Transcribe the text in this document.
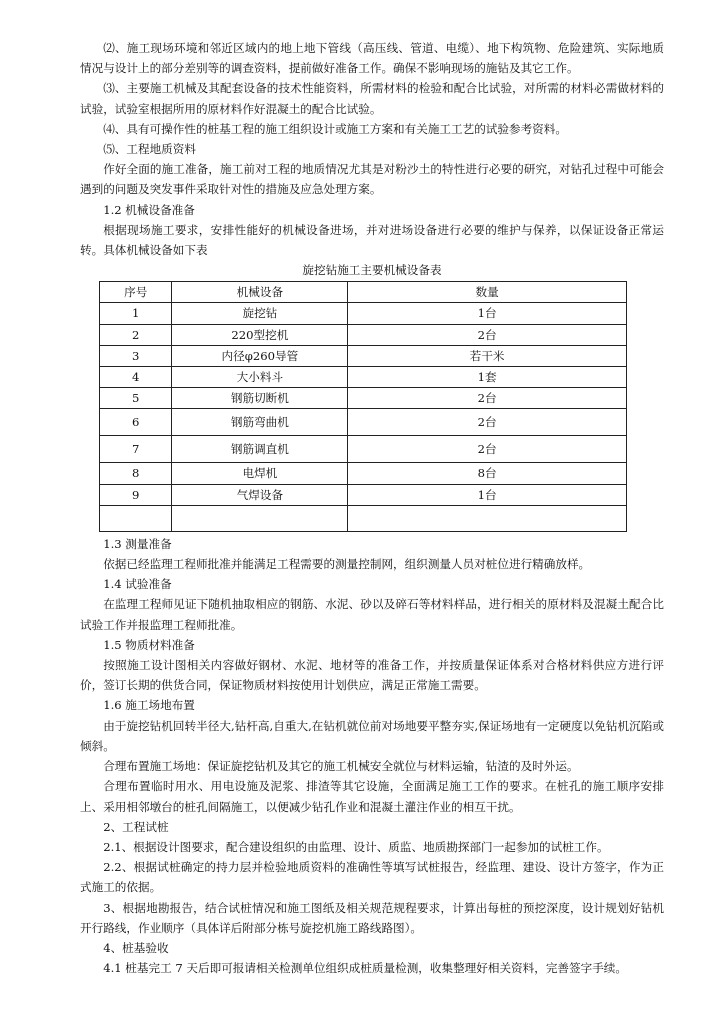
⑵、施工现场环境和邻近区域内的地上地下管线（高压线、管道、电缆）、地下构筑物、危险建筑、实际地质情况与设计上的部分差别等的调查资料，提前做好准备工作。确保不影响现场的施钻及其它工作。

⑶、主要施工机械及其配套设备的技术性能资料，所需材料的检验和配合比试验，对所需的材料必需做材料的试验，试验室根据所用的原材料作好混凝土的配合比试验。

⑷、具有可操作性的桩基工程的施工组织设计或施工方案和有关施工工艺的试验参考资料。

⑸、工程地质资料

作好全面的施工准备，施工前对工程的地质情况尤其是对粉沙土的特性进行必要的研究，对钻孔过程中可能会遇到的问题及突发事件采取针对性的措施及应急处理方案。

1.2 机械设备准备

根据现场施工要求，安排性能好的机械设备进场，并对进场设备进行必要的维护与保养，以保证设备正常运转。具体机械设备如下表

旋挖钻施工主要机械设备表
序号	机械设备	数量
1	旋挖钻	1台
2	220型挖机	2台
3	内径φ260导管	若干米
4	大小料斗	1套
5	钢筋切断机	2台
6	钢筋弯曲机	2台
7	钢筋调直机	2台
8	电焊机	8台
9	气焊设备	1台

1.3 测量准备

依据已经监理工程师批准并能满足工程需要的测量控制网，组织测量人员对桩位进行精确放样。

1.4 试验准备

在监理工程师见证下随机抽取相应的钢筋、水泥、砂以及碎石等材料样品，进行相关的原材料及混凝土配合比试验工作并报监理工程师批准。

1.5 物质材料准备

按照施工设计图相关内容做好钢材、水泥、地材等的准备工作，并按质量保证体系对合格材料供应方进行评价，签订长期的供货合同，保证物质材料按使用计划供应，满足正常施工需要。

1.6 施工场地布置

由于旋挖钻机回转半径大,钻杆高,自重大,在钻机就位前对场地要平整夯实,保证场地有一定硬度以免钻机沉陷或倾斜。

合理布置施工场地：保证旋挖钻机及其它的施工机械安全就位与材料运输，钻渣的及时外运。

合理布置临时用水、用电设施及泥浆、排渣等其它设施，全面满足施工工作的要求。在桩孔的施工顺序安排上、采用相邻墩台的桩孔间隔施工，以便减少钻孔作业和混凝土灌注作业的相互干扰。

2、工程试桩

2.1、根据设计图要求，配合建设组织的由监理、设计、质监、地质勘探部门一起参加的试桩工作。

2.2、根据试桩确定的持力层并检验地质资料的准确性等填写试桩报告，经监理、建设、设计方签字，作为正式施工的依据。

3、根据地勘报告，结合试桩情况和施工图纸及相关规范规程要求，计算出每桩的预挖深度，设计规划好钻机开行路线，作业顺序（具体详后附部分栋号旋挖机施工路线路图）。

4、桩基验收

4.1 桩基完工 7 天后即可报请相关检测单位组织成桩质量检测，收集整理好相关资料，完善签字手续。
